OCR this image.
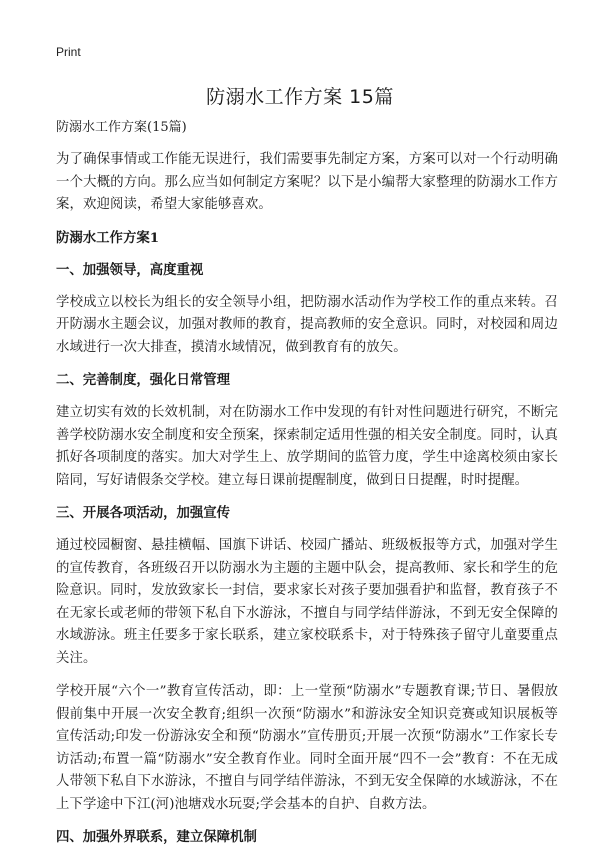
Print
防溺水工作方案 15篇
防溺水工作方案(15篇)

为了确保事情或工作能无误进行，我们需要事先制定方案，方案可以对一个行动明确一个大概的方向。那么应当如何制定方案呢？以下是小编帮大家整理的防溺水工作方案，欢迎阅读，希望大家能够喜欢。

防溺水工作方案1
一、加强领导，高度重视

学校成立以校长为组长的安全领导小组，把防溺水活动作为学校工作的重点来转。召开防溺水主题会议，加强对教师的教育，提高教师的安全意识。同时，对校园和周边水域进行一次大排查，摸清水域情况，做到教育有的放矢。

二、完善制度，强化日常管理

建立切实有效的长效机制，对在防溺水工作中发现的有针对性问题进行研究，不断完善学校防溺水安全制度和安全预案，探索制定适用性强的相关安全制度。同时，认真抓好各项制度的落实。加大对学生上、放学期间的监管力度，学生中途离校须由家长陪同，写好请假条交学校。建立每日课前提醒制度，做到日日提醒，时时提醒。

三、开展各项活动，加强宣传

通过校园橱窗、悬挂横幅、国旗下讲话、校园广播站、班级板报等方式，加强对学生的宣传教育，各班级召开以防溺水为主题的主题中队会，提高教师、家长和学生的危险意识。同时，发放致家长一封信，要求家长对孩子要加强看护和监督，教育孩子不在无家长或老师的带领下私自下水游泳，不擅自与同学结伴游泳，不到无安全保障的水域游泳。班主任要多于家长联系，建立家校联系卡，对于特殊孩子留守儿童要重点关注。

学校开展“六个一”教育宣传活动，即：上一堂预“防溺水”专题教育课;节日、暑假放假前集中开展一次安全教育;组织一次预“防溺水”和游泳安全知识竞赛或知识展板等宣传活动;印发一份游泳安全和预“防溺水”宣传册页;开展一次预“防溺水”工作家长专访活动;布置一篇“防溺水”安全教育作业。同时全面开展“四不一会”教育：不在无成人带领下私自下水游泳，不擅自与同学结伴游泳，不到无安全保障的水域游泳，不在上下学途中下江(河)池塘戏水玩耍;学会基本的自护、自救方法。

四、加强外界联系，建立保障机制
